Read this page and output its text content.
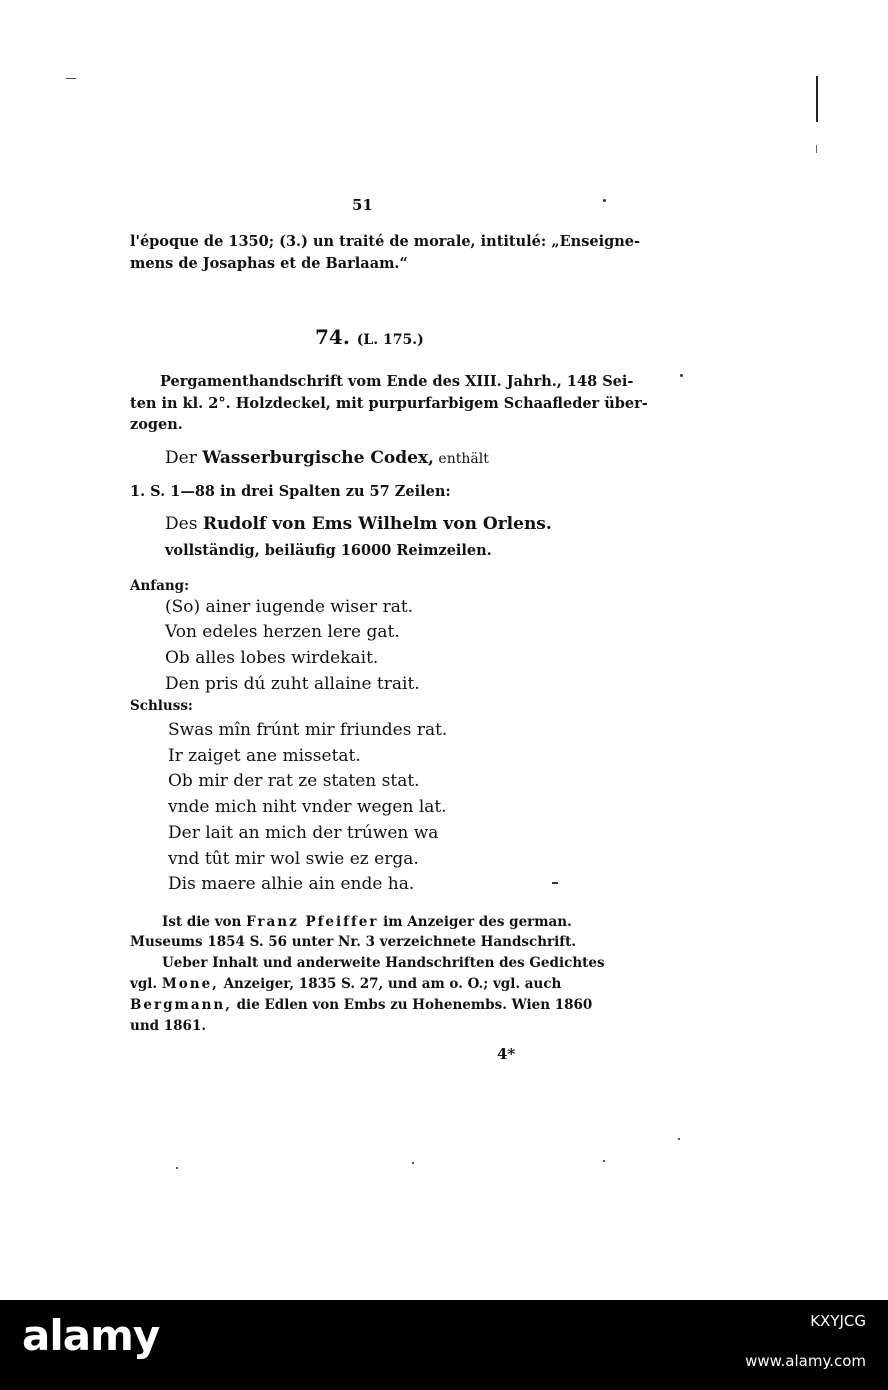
51
l'époque de 1350; (3.) un traité de morale, intitulé: „Enseigne-
mens de Josaphas et de Barlaam.“
74. (L. 175.)
Pergamenthandschrift vom Ende des XIII. Jahrh., 148 Sei-
ten in kl. 2°. Holzdeckel, mit purpurfarbigem Schaafleder über-
zogen.
Der Wasserburgische Codex, enthält
1. S. 1—88 in drei Spalten zu 57 Zeilen:
Des Rudolf von Ems Wilhelm von Orlens.
vollständig, beiläufig 16000 Reimzeilen.
Anfang:
(So) ainer iugende wiser rat.
Von edeles herzen lere gat.
Ob alles lobes wirdekait.
Den pris dú zuht allaine trait.
Schluss:
Swas mîn frúnt mir friundes rat.
Ir zaiget ane missetat.
Ob mir der rat ze staten stat.
vnde mich niht vnder wegen lat.
Der lait an mich der trúwen wa
vnd tût mir wol swie ez erga.
Dis maere alhie ain ende ha.
Ist die von Franz Pfeiffer im Anzeiger des german.
Museums 1854 S. 56 unter Nr. 3 verzeichnete Handschrift.
Ueber Inhalt und anderweite Handschriften des Gedichtes
vgl. Mone, Anzeiger, 1835 S. 27, und am o. O.; vgl. auch
Bergmann, die Edlen von Embs zu Hohenembs. Wien 1860
und 1861.
4*
alamy	KXYJCG
www.alamy.com
